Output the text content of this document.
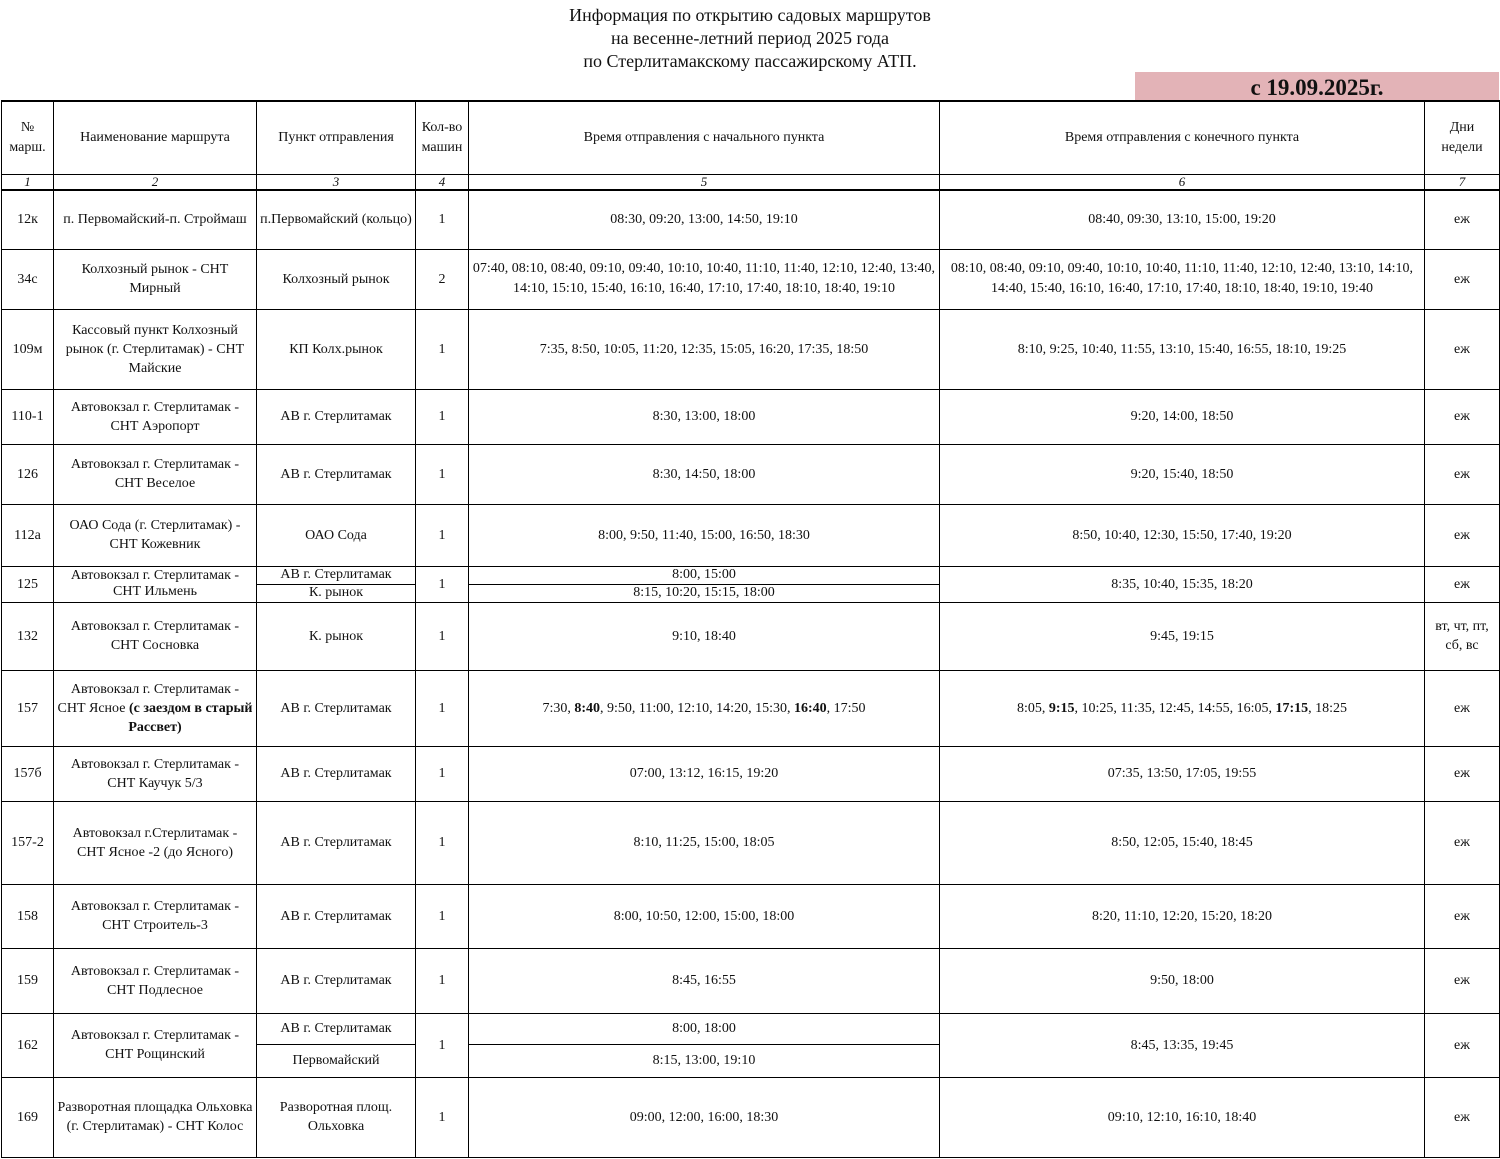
Информация по открытию садовых маршрутов
на весенне-летний период 2025 года
по Стерлитамакскому пассажирскому АТП.
с 19.09.2025г.
№ марш.	Наименование маршрута	Пункт отправления	Кол-во машин	Время отправления с начального пункта	Время отправления с конечного пункта	Дни недели
1	2	3	4	5	6	7
12к	п. Первомайский-п. Строймаш	п.Первомайский (кольцо)	1	08:30, 09:20, 13:00, 14:50, 19:10	08:40, 09:30, 13:10, 15:00, 19:20	еж
34с	Колхозный рынок - СНТ Мирный	Колхозный рынок	2	07:40, 08:10, 08:40, 09:10, 09:40, 10:10, 10:40, 11:10, 11:40, 12:10, 12:40, 13:40, 14:10, 15:10, 15:40, 16:10, 16:40, 17:10, 17:40, 18:10, 18:40, 19:10	08:10, 08:40, 09:10, 09:40, 10:10, 10:40, 11:10, 11:40, 12:10, 12:40, 13:10, 14:10, 14:40, 15:40, 16:10, 16:40, 17:10, 17:40, 18:10, 18:40, 19:10, 19:40	еж
109м	Кассовый пункт Колхозный рынок (г. Стерлитамак) - СНТ Майские	КП Колх.рынок	1	7:35, 8:50, 10:05, 11:20, 12:35, 15:05, 16:20, 17:35, 18:50	8:10, 9:25, 10:40, 11:55, 13:10, 15:40, 16:55, 18:10, 19:25	еж
110-1	Автовокзал г. Стерлитамак - СНТ Аэропорт	АВ г. Стерлитамак	1	8:30, 13:00, 18:00	9:20, 14:00, 18:50	еж
126	Автовокзал г. Стерлитамак - СНТ Веселое	АВ г. Стерлитамак	1	8:30, 14:50, 18:00	9:20, 15:40, 18:50	еж
112а	ОАО Сода (г. Стерлитамак) - СНТ Кожевник	ОАО Сода	1	8:00, 9:50, 11:40, 15:00, 16:50, 18:30	8:50, 10:40, 12:30, 15:50, 17:40, 19:20	еж
125	Автовокзал г. Стерлитамак - СНТ Ильмень	АВ г. Стерлитамак	1	8:00, 15:00	8:35, 10:40, 15:35, 18:20	еж
		К. рынок		8:15, 10:20, 15:15, 18:00		
132	Автовокзал г. Стерлитамак - СНТ Сосновка	К. рынок	1	9:10, 18:40	9:45, 19:15	вт, чт, пт, сб, вс
157	Автовокзал г. Стерлитамак - СНТ Ясное (с заездом в старый Рассвет)	АВ г. Стерлитамак	1	7:30, 8:40, 9:50, 11:00, 12:10, 14:20, 15:30, 16:40, 17:50	8:05, 9:15, 10:25, 11:35, 12:45, 14:55, 16:05, 17:15, 18:25	еж
157б	Автовокзал г. Стерлитамак - СНТ Каучук 5/3	АВ г. Стерлитамак	1	07:00, 13:12, 16:15, 19:20	07:35, 13:50, 17:05, 19:55	еж
157-2	Автовокзал г.Стерлитамак - СНТ Ясное -2 (до Ясного)	АВ г. Стерлитамак	1	8:10, 11:25, 15:00, 18:05	8:50, 12:05, 15:40, 18:45	еж
158	Автовокзал г. Стерлитамак - СНТ Строитель-3	АВ г. Стерлитамак	1	8:00, 10:50, 12:00, 15:00, 18:00	8:20, 11:10, 12:20, 15:20, 18:20	еж
159	Автовокзал г. Стерлитамак - СНТ Подлесное	АВ г. Стерлитамак	1	8:45, 16:55	9:50, 18:00	еж
162	Автовокзал г. Стерлитамак - СНТ Рощинский	АВ г. Стерлитамак	1	8:00, 18:00	8:45, 13:35, 19:45	еж
		Первомайский		8:15, 13:00, 19:10		
169	Разворотная площадка Ольховка (г. Стерлитамак) - СНТ Колос	Разворотная площ. Ольховка	1	09:00, 12:00, 16:00, 18:30	09:10, 12:10, 16:10, 18:40	еж
